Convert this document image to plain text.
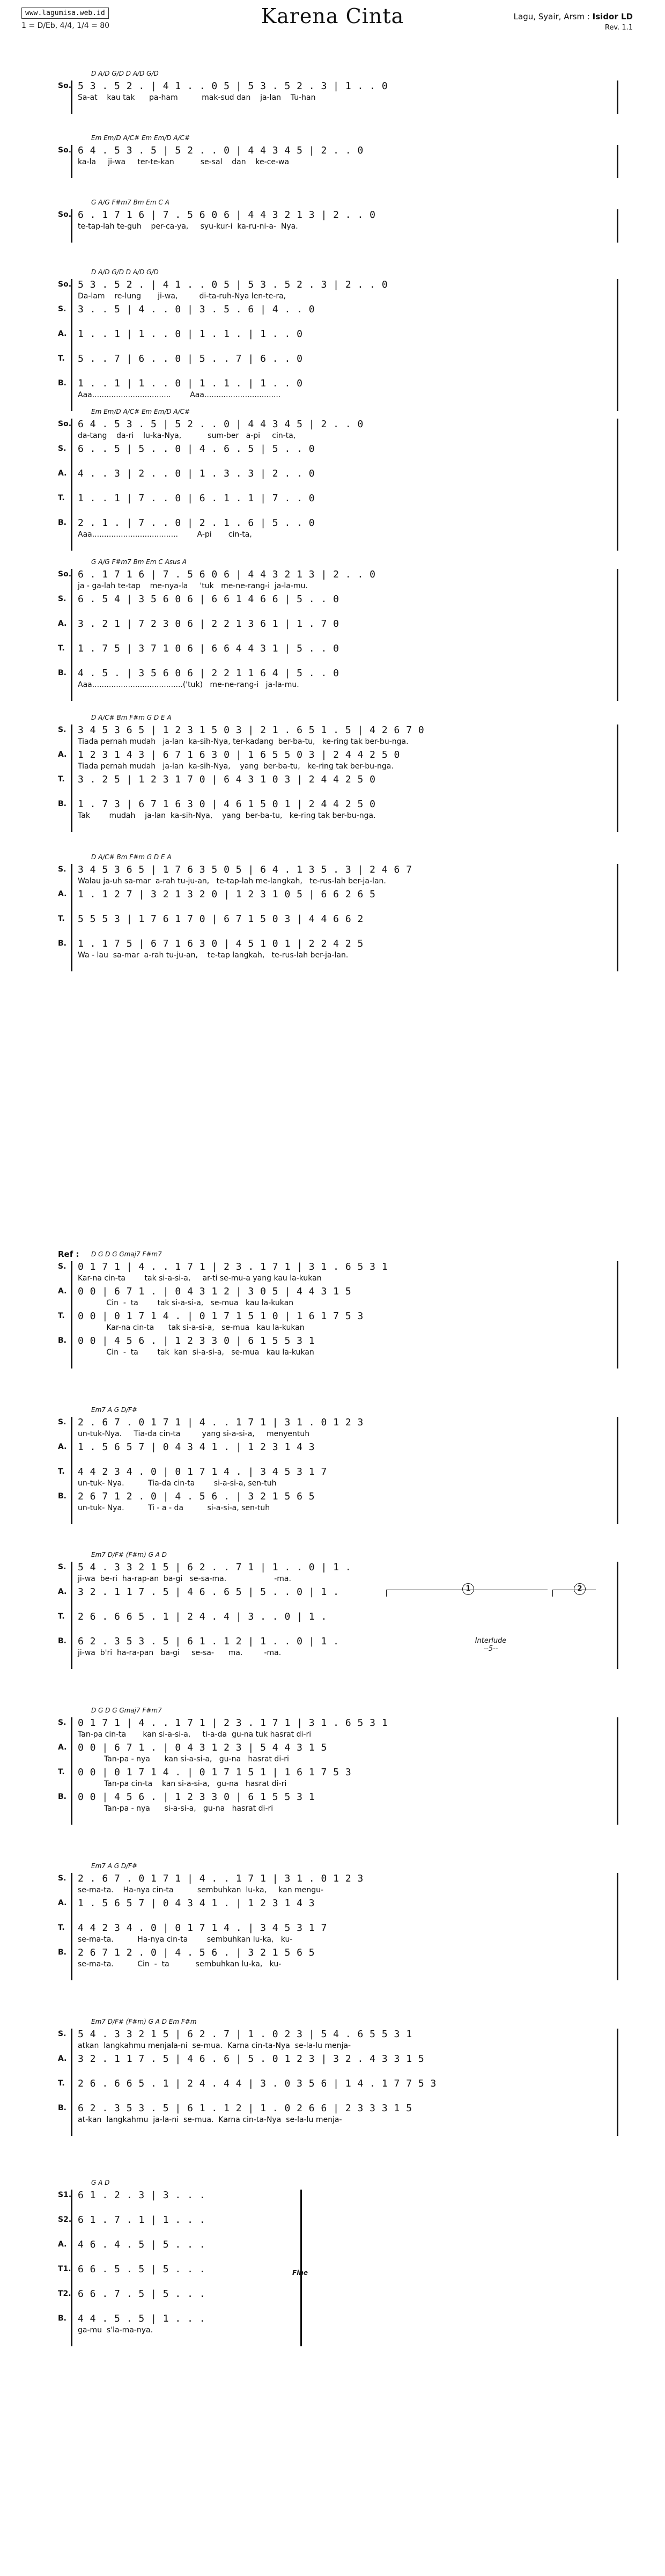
www.lagumisa.web.id
1 = D/Eb, 4/4, 1/4 = 80	Karena Cinta	Lagu, Syair, Arsm : Isidor LD
Rev. 1.1
D A/D G/D D A/D G/D
So. 5 3 . 5 2 . | 4 1 . . 0 5 | 5 3 . 5 2 . 3 | 1 . . 0
Sa-at    kau tak      pa-ham          mak-sud dan    ja-lan    Tu-han
Em Em/D A/C# Em Em/D A/C#
So. 6 4 . 5 3 . 5 | 5 2 . . 0 | 4 4 3 4 5 | 2 . . 0
ka-la     ji-wa     ter-te-kan           se-sal    dan    ke-ce-wa
G A/G F#m7 Bm Em C A
So. 6 . 1 7 1 6 | 7 . 5 6 0 6 | 4 4 3 2 1 3 | 2 . . 0
te-tap-lah te-guh    per-ca-ya,     syu-kur-i  ka-ru-ni-a-  Nya.
D A/D G/D D A/D G/D
So. 5 3 . 5 2 . | 4 1 . . 0 5 | 5 3 . 5 2 . 3 | 2 . . 0
Da-lam    re-lung       ji-wa,         di-ta-ruh-Nya len-te-ra,
S.	3 . . 5 | 4 . . 0 | 3 . 5 . 6 | 4 . . 0
A.	1 . . 1 | 1 . . 0 | 1 . 1 . | 1 . . 0
T.	5 . . 7 | 6 . . 0 | 5 . . 7 | 6 . . 0
B.	1 . . 1 | 1 . . 0 | 1 . 1 . | 1 . . 0
Aaa.................................        Aaa................................
Em Em/D A/C# Em Em/D A/C#
So. 6 4 . 5 3 . 5 | 5 2 . . 0 | 4 4 3 4 5 | 2 . . 0
da-tang    da-ri    lu-ka-Nya,           sum-ber   a-pi     cin-ta,
S.	6 . . 5 | 5 . . 0 | 4 . 6 . 5 | 5 . . 0
A.	4 . . 3 | 2 . . 0 | 1 . 3 . 3 | 2 . . 0
T.	1 . . 1 | 7 . . 0 | 6 . 1 . 1 | 7 . . 0
B.	2 . 1 . | 7 . . 0 | 2 . 1 . 6 | 5 . . 0
Aaa....................................        A-pi       cin-ta,
G A/G F#m7 Bm Em C Asus A
So. 6 . 1 7 1 6 | 7 . 5 6 0 6 | 4 4 3 2 1 3 | 2 . . 0
ja - ga-lah te-tap    me-nya-la     'tuk   me-ne-rang-i  ja-la-mu.
S.	6 . 5 4 | 3 5 6 0 6 | 6 6 1 4 6 6 | 5 . . 0
A.	3 . 2 1 | 7 2 3 0 6 | 2 2 1 3 6 1 | 1 . 7 0
T.	1 . 7 5 | 3 7 1 0 6 | 6 6 4 4 3 1 | 5 . . 0
B.	4 . 5 . | 3 5 6 0 6 | 2 2 1 1 6 4 | 5 . . 0
Aaa......................................('tuk)   me-ne-rang-i   ja-la-mu.
D A/C# Bm F#m G D E A
S.	3 4 5 3 6 5 | 1 2 3 1 5 0 3 | 2 1 . 6 5 1 . 5 | 4 2 6 7 0
Tiada pernah mudah   ja-lan  ka-sih-Nya, ter-kadang  ber-ba-tu,   ke-ring tak ber-bu-nga.
A.	1 2 3 1 4 3 | 6 7 1 6 3 0 | 1 6 5 5 0 3 | 2 4 4 2 5 0
Tiada pernah mudah   ja-lan  ka-sih-Nya,    yang  ber-ba-tu,   ke-ring tak ber-bu-nga.
T.	3 . 2 5 | 1 2 3 1 7 0 | 6 4 3 1 0 3 | 2 4 4 2 5 0
B.	1 . 7 3 | 6 7 1 6 3 0 | 4 6 1 5 0 1 | 2 4 4 2 5 0
Tak        mudah    ja-lan  ka-sih-Nya,    yang  ber-ba-tu,   ke-ring tak ber-bu-nga.
D A/C# Bm F#m G D E A
S.	3 4 5 3 6 5 | 1 7 6 3 5 0 5 | 6 4 . 1 3 5 . 3 | 2 4 6 7
Walau ja-uh sa-mar  a-rah tu-ju-an,   te-tap-lah me-langkah,   te-rus-lah ber-ja-lan.
A.	1 . 1 2 7 | 3 2 1 3 2 0 | 1 2 3 1 0 5 | 6 6 2 6 5
T.	5 5 5 3 | 1 7 6 1 7 0 | 6 7 1 5 0 3 | 4 4 6 6 2
B.	1 . 1 7 5 | 6 7 1 6 3 0 | 4 5 1 0 1 | 2 2 4 2 5
Wa - lau  sa-mar  a-rah tu-ju-an,    te-tap langkah,   te-rus-lah ber-ja-lan.
D G D G Gmaj7 F#m7
S.	0 1 7 1 | 4 . . 1 7 1 | 2 3 . 1 7 1 | 3 1 . 6 5 3 1
Kar-na cin-ta        tak si-a-si-a,     ar-ti se-mu-a yang kau la-kukan
A.	0 0 | 6 7 1 . | 0 4 3 1 2 | 3 0 5 | 4 4 3 1 5
Cin  -  ta        tak si-a-si-a,   se-mua   kau la-kukan
T.	0 0 | 0 1 7 1 4 . | 0 1 7 1 5 1 0 | 1 6 1 7 5 3
Kar-na cin-ta      tak si-a-si-a,   se-mua   kau la-kukan
B.	0 0 | 4 5 6 . | 1 2 3 3 0 | 6 1 5 5 3 1
Cin  -  ta        tak  kan  si-a-si-a,   se-mua   kau la-kukan
Em7 A G D/F#
S.	2 . 6 7 . 0 1 7 1 | 4 . . 1 7 1 | 3 1 . 0 1 2 3
un-tuk-Nya.     Tia-da cin-ta         yang si-a-si-a,     menyentuh
A.	1 . 5 6 5 7 | 0 4 3 4 1 . | 1 2 3 1 4 3
T.	4 4 2 3 4 . 0 | 0 1 7 1 4 . | 3 4 5 3 1 7
un-tuk- Nya.          Tia-da cin-ta        si-a-si-a, sen-tuh
B.	2 6 7 1 2 . 0 | 4 . 5 6 . | 3 2 1 5 6 5
un-tuk- Nya.          Ti - a - da          si-a-si-a, sen-tuh
Em7 D/F# (F#m) G A D
S.	5 4 . 3 3 2 1 5 | 6 2 . . 7 1 | 1 . . 0 | 1 .
ji-wa  be-ri  ha-rap-an  ba-gi   se-sa-ma.                    -ma.
A.	3 2 . 1 1 7 . 5 | 4 6 . 6 5 | 5 . . 0 | 1 .
T.	2 6 . 6 6 5 . 1 | 2 4 . 4 | 3 . . 0 | 1 .
B.	6 2 . 3 5 3 . 5 | 6 1 . 1 2 | 1 . . 0 | 1 .
ji-wa  b'ri  ha-ra-pan   ba-gi     se-sa-      ma.         -ma.
D G D G Gmaj7 F#m7
S.	0 1 7 1 | 4 . . 1 7 1 | 2 3 . 1 7 1 | 3 1 . 6 5 3 1
Tan-pa cin-ta       kan si-a-si-a,     ti-a-da  gu-na tuk hasrat di-ri
A.	0 0 | 6 7 1 . | 0 4 3 1 2 3 | 5 4 4 3 1 5
Tan-pa - nya      kan si-a-si-a,   gu-na   hasrat di-ri
T.	0 0 | 0 1 7 1 4 . | 0 1 7 1 5 1 | 1 6 1 7 5 3
Tan-pa cin-ta    kan si-a-si-a,   gu-na   hasrat di-ri
B.	0 0 | 4 5 6 . | 1 2 3 3 0 | 6 1 5 5 3 1
Tan-pa - nya      si-a-si-a,   gu-na   hasrat di-ri
Em7 A G D/F#
S.	2 . 6 7 . 0 1 7 1 | 4 . . 1 7 1 | 3 1 . 0 1 2 3
se-ma-ta.    Ha-nya cin-ta          sembuhkan  lu-ka,     kan mengu-
A.	1 . 5 6 5 7 | 0 4 3 4 1 . | 1 2 3 1 4 3
T.	4 4 2 3 4 . 0 | 0 1 7 1 4 . | 3 4 5 3 1 7
se-ma-ta.          Ha-nya cin-ta        sembuhkan lu-ka,   ku-
B.	2 6 7 1 2 . 0 | 4 . 5 6 . | 3 2 1 5 6 5
se-ma-ta.          Cin  -  ta           sembuhkan lu-ka,   ku-
Em7 D/F# (F#m) G A D Em F#m
S.	5 4 . 3 3 2 1 5 | 6 2 . 7 | 1 . 0 2 3 | 5 4 . 6 5 5 3 1
atkan  langkahmu menjala-ni  se-mua.  Karna cin-ta-Nya  se-la-lu menja-
A.	3 2 . 1 1 7 . 5 | 4 6 . 6 | 5 . 0 1 2 3 | 3 2 . 4 3 3 1 5
T.	2 6 . 6 6 5 . 1 | 2 4 . 4 4 | 3 . 0 3 5 6 | 1 4 . 1 7 7 5 3
B.	6 2 . 3 5 3 . 5 | 6 1 . 1 2 | 1 . 0 2 6 6 | 2 3 3 3 1 5
at-kan  langkahmu  ja-la-ni  se-mua.  Karna cin-ta-Nya  se-la-lu menja-
G A D
S1. 6 1 . 2 . 3 | 3 . . .
S2. 6 1 . 7 . 1 | 1 . . .
A.	4 6 . 4 . 5 | 5 . . .
T1. 6 6 . 5 . 5 | 5 . . .
T2. 6 6 . 7 . 5 | 5 . . .
B.	4 4 . 5 . 5 | 1 . . .
ga-mu  s'la-ma-nya.
Ref :
Interlude
--5--
1	2
Fine
